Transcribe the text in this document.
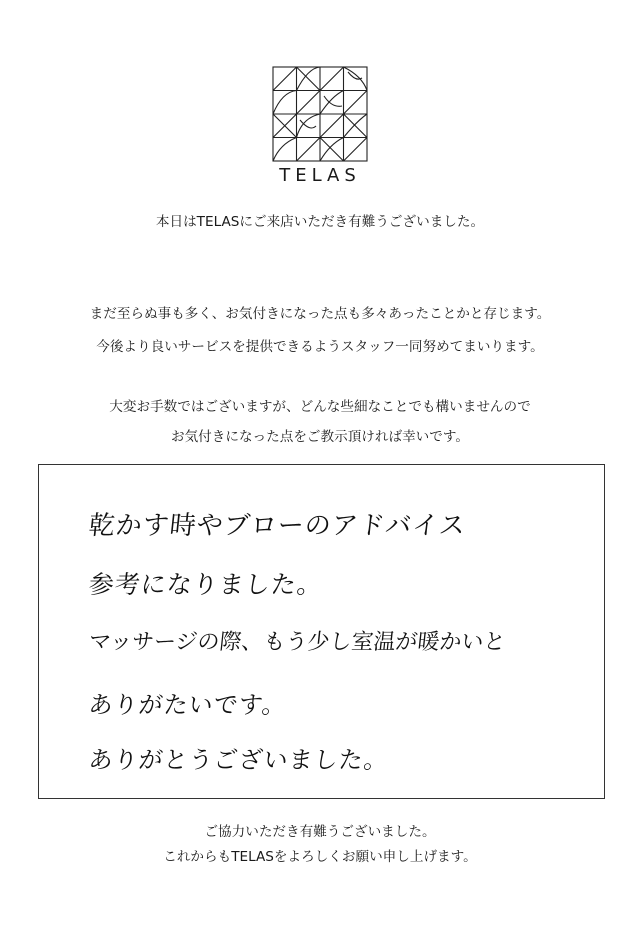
TELAS
本日はTELASにご来店いただき有難うございました。
まだ至らぬ事も多く、お気付きになった点も多々あったことかと存じます。
今後より良いサービスを提供できるようスタッフ一同努めてまいります。
大変お手数ではございますが、どんな些細なことでも構いませんので
お気付きになった点をご教示頂ければ幸いです。
乾かす時やブローのアドバイス
参考になりました。
マッサージの際、もう少し室温が暖かいと
ありがたいです。
ありがとうございました。
ご協力いただき有難うございました。
これからもTELASをよろしくお願い申し上げます。
